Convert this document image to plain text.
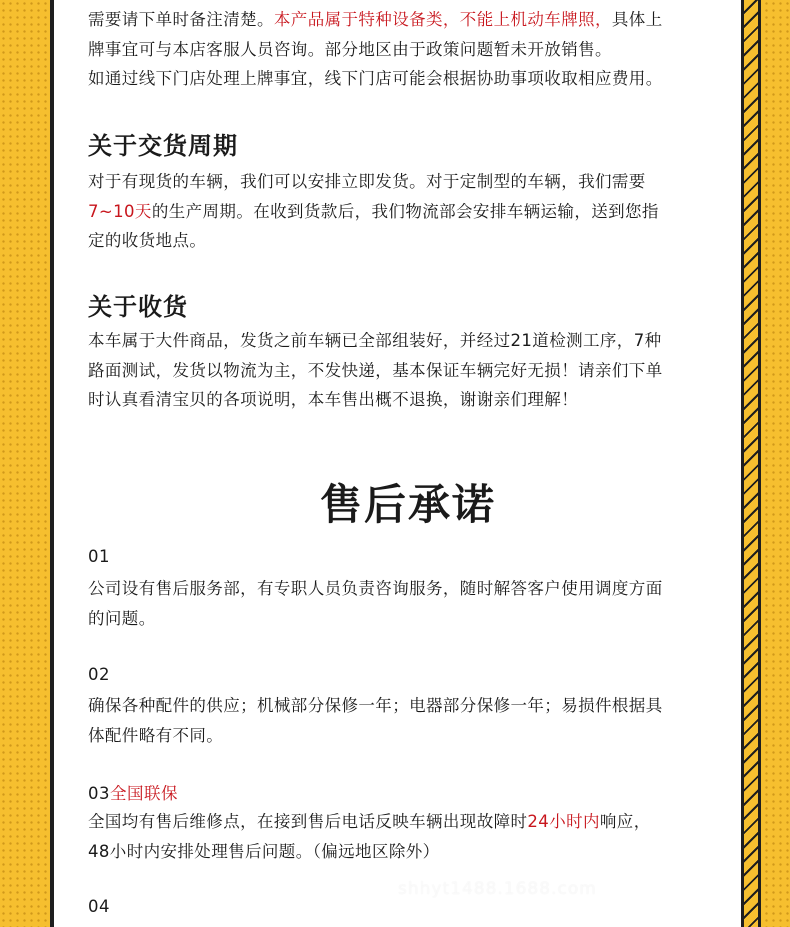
需要请下单时备注清楚。本产品属于特种设备类，不能上机动车牌照，具体上

牌事宜可与本店客服人员咨询。部分地区由于政策问题暂未开放销售。

如通过线下门店处理上牌事宜，线下门店可能会根据协助事项收取相应费用。

关于交货周期

对于有现货的车辆，我们可以安排立即发货。对于定制型的车辆，我们需要

7~10天的生产周期。在收到货款后，我们物流部会安排车辆运输，送到您指

定的收货地点。

关于收货

本车属于大件商品，发货之前车辆已全部组装好，并经过21道检测工序，7种

路面测试，发货以物流为主，不发快递，基本保证车辆完好无损！请亲们下单

时认真看清宝贝的各项说明，本车售出概不退换，谢谢亲们理解！

售后承诺

01

公司设有售后服务部，有专职人员负责咨询服务，随时解答客户使用调度方面

的问题。

02

确保各种配件的供应；机械部分保修一年；电器部分保修一年；易损件根据具

体配件略有不同。

03全国联保

全国均有售后维修点，在接到售后电话反映车辆出现故障时24小时内响应，

48小时内安排处理售后问题。（偏远地区除外）

04

shhyt1488.1688.com
